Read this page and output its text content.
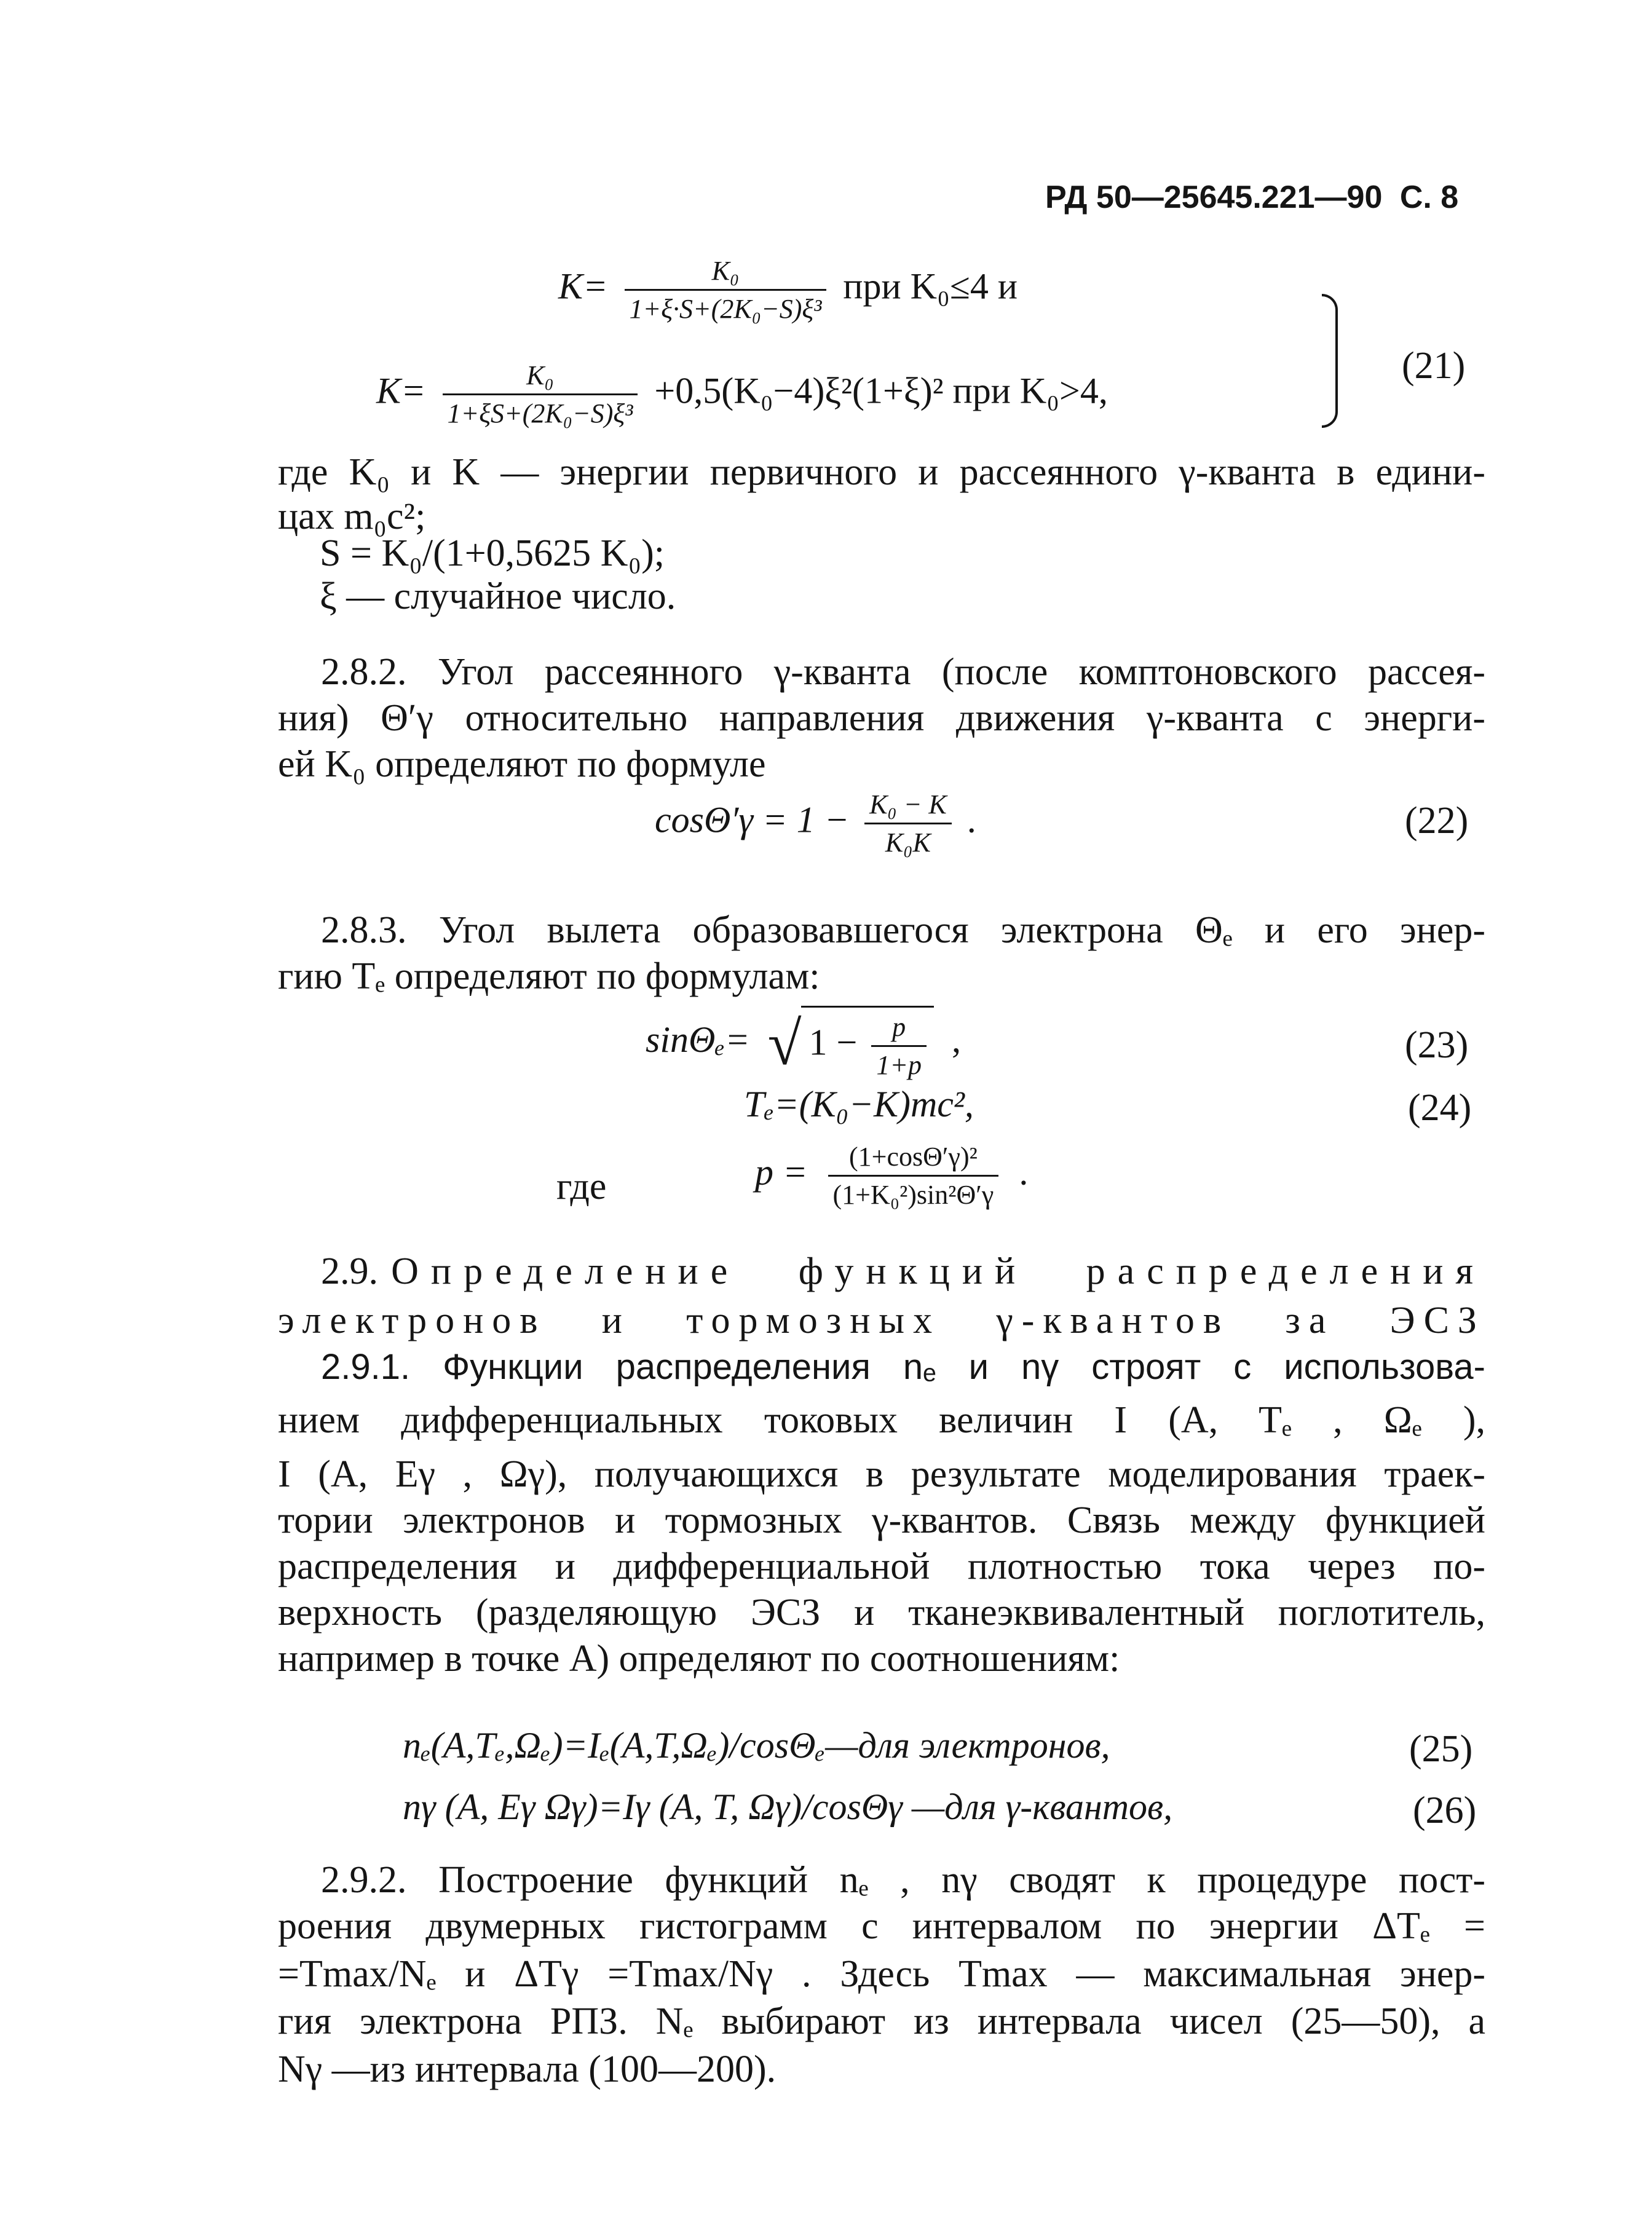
РД 50—25645.221—90 С. 8
$K= \frac{\text{K₀}}{\text{1+ξ·S+(2K₀−S)ξ³}}$ при K₀≤4 и
$K= \frac{\text{K₀}}{\text{1+ξS+(2K₀−S)ξ³}} +0,5(K_0-4)\xi^2(1+\xi)^2$ при K₀>4,
(21)
где K₀ и K — энергии первичного и рассеянного γ-кванта в едини-
цах m₀c²;
S = K₀/(1+0,5625 K₀);
ξ — случайное число.
2.8.2. Угол рассеянного γ-кванта (после комптоновского рассея-
ния) Θ′γ относительно направления движения γ-кванта с энерги-
ей K₀ определяют по формуле
$\cos\Theta'\gamma = 1 - \frac{\text{K₀ − K}}{\text{K₀K}}$ .	(22)
2.8.3. Угол вылета образовавшегося электрона Θₑ и его энер-
гию Tₑ определяют по формулам:
sinΘₑ= √ $1 - \frac{p}{1+p}$ ,	(23)
Tₑ=(K₀−K)mc²,	(24)
где	$p = \frac{\text{(1+cosΘ′γ)²}}{\text{(1+K₀²)sin²Θ′γ}}$ .
2.9. Определение функций распределения
электронов и тормозных γ-квантов за ЭСЗ
2.9.1. Функции распределения nₑ и nγ строят с использова-
нием дифференциальных токовых величин I (A, Tₑ , Ωₑ ),
I (A, Eγ , Ωγ), получающихся в результате моделирования траек-
тории электронов и тормозных γ-квантов. Связь между функцией
распределения и дифференциальной плотностью тока через по-
верхность (разделяющую ЭСЗ и тканеэквивалентный поглотитель,
например в точке A) определяют по соотношениям:
nₑ(A,Tₑ,Ωₑ)=Iₑ(A,T,Ωₑ)/cosΘₑ—для электронов,	(25)
nγ (A, Eγ Ωγ)=Iγ (A, T, Ωγ)/cosΘγ —для γ-квантов,	(26)
2.9.2. Построение функций nₑ , nγ сводят к процедуре пост-
роения двумерных гистограмм с интервалом по энергии ΔTₑ =
=Tmax/Nₑ и ΔTγ =Tmax/Nγ . Здесь Tmax — максимальная энер-
гия электрона РПЗ. Nₑ выбирают из интервала чисел (25—50), а
Nγ —из интервала (100—200).
